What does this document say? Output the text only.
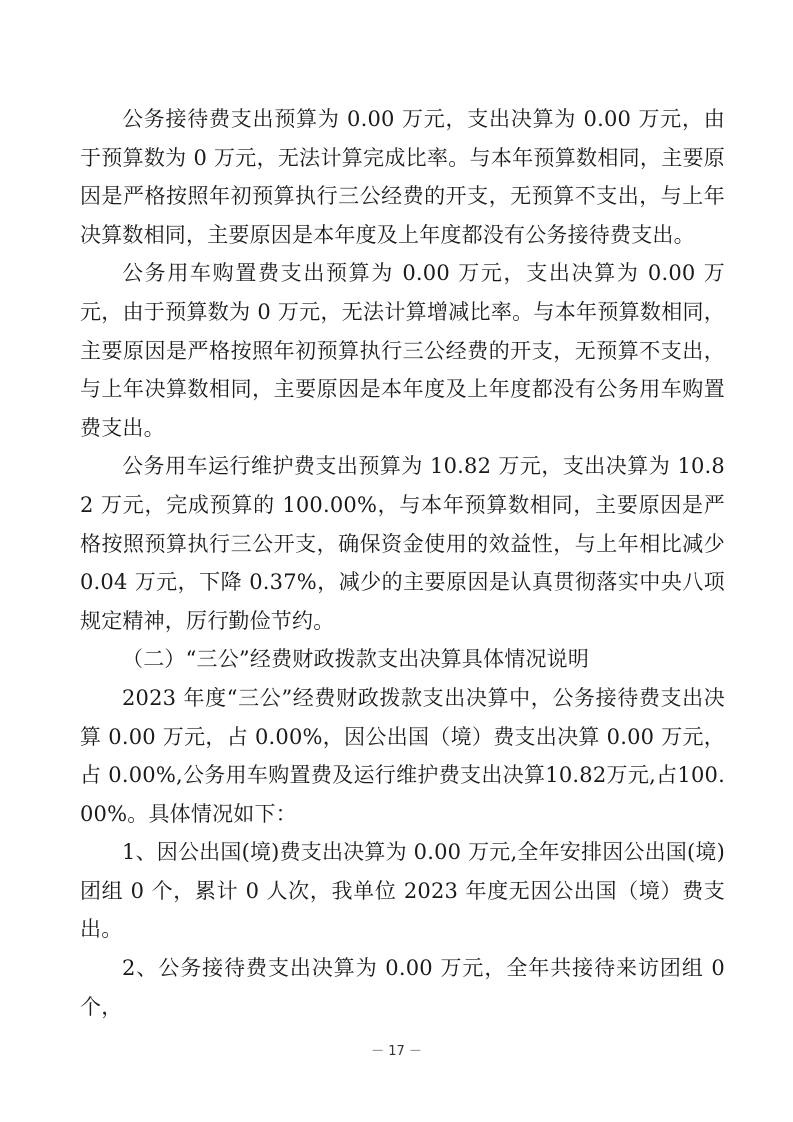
公务接待费支出预算为 0.00 万元，支出决算为 0.00 万元，由于预算数为 0 万元，无法计算完成比率。与本年预算数相同，主要原因是严格按照年初预算执行三公经费的开支，无预算不支出，与上年决算数相同，主要原因是本年度及上年度都没有公务接待费支出。

公务用车购置费支出预算为 0.00 万元，支出决算为 0.00 万元，由于预算数为 0 万元，无法计算增减比率。与本年预算数相同，主要原因是严格按照年初预算执行三公经费的开支，无预算不支出，与上年决算数相同，主要原因是本年度及上年度都没有公务用车购置费支出。

公务用车运行维护费支出预算为 10.82 万元，支出决算为 10.82 万元，完成预算的 100.00%，与本年预算数相同，主要原因是严格按照预算执行三公开支，确保资金使用的效益性，与上年相比减少 0.04 万元，下降 0.37%，减少的主要原因是认真贯彻落实中央八项规定精神，厉行勤俭节约。

（二）“三公”经费财政拨款支出决算具体情况说明

2023 年度“三公”经费财政拨款支出决算中，公务接待费支出决算 0.00 万元，占 0.00%，因公出国（境）费支出决算 0.00 万元，占 0.00%,公务用车购置费及运行维护费支出决算10.82万元,占100.00%。具体情况如下：

1、因公出国(境)费支出决算为 0.00 万元,全年安排因公出国(境)团组 0 个，累计 0 人次，我单位 2023 年度无因公出国（境）费支出。

2、公务接待费支出决算为 0.00 万元，全年共接待来访团组 0 个，

－ 17 －
